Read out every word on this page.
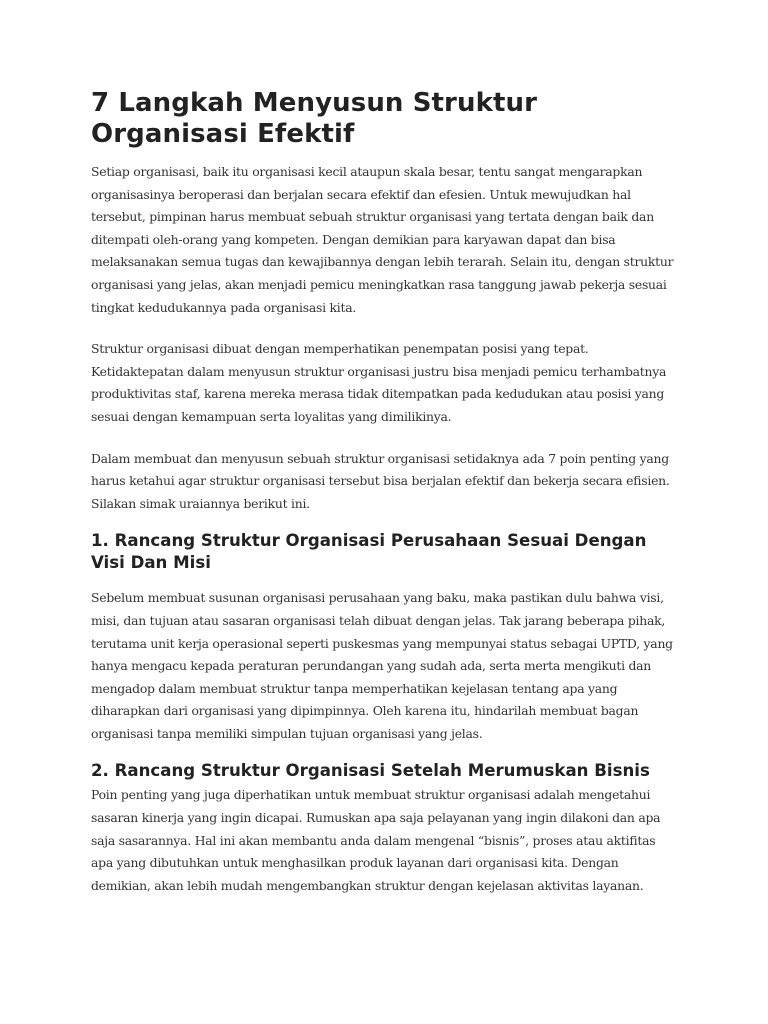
7 Langkah Menyusun Struktur Organisasi Efektif

Setiap organisasi, baik itu organisasi kecil ataupun skala besar, tentu sangat mengarapkan organisasinya beroperasi dan berjalan secara efektif dan efesien. Untuk mewujudkan hal tersebut, pimpinan harus membuat sebuah struktur organisasi yang tertata dengan baik dan ditempati oleh-orang yang kompeten. Dengan demikian para karyawan dapat dan bisa melaksanakan semua tugas dan kewajibannya dengan lebih terarah. Selain itu, dengan struktur organisasi yang jelas, akan menjadi pemicu meningkatkan rasa tanggung jawab pekerja sesuai tingkat kedudukannya pada organisasi kita.

Struktur organisasi dibuat dengan memperhatikan penempatan posisi yang tepat. Ketidaktepatan dalam menyusun struktur organisasi justru bisa menjadi pemicu terhambatnya produktivitas staf, karena mereka merasa tidak ditempatkan pada kedudukan atau posisi yang sesuai dengan kemampuan serta loyalitas yang dimilikinya.

Dalam membuat dan menyusun sebuah struktur organisasi setidaknya ada 7 poin penting yang harus ketahui agar struktur organisasi tersebut bisa berjalan efektif dan bekerja secara efisien. Silakan simak uraiannya berikut ini.

1. Rancang Struktur Organisasi Perusahaan Sesuai Dengan Visi Dan Misi

Sebelum membuat susunan organisasi perusahaan yang baku, maka pastikan dulu bahwa visi, misi, dan tujuan atau sasaran organisasi telah dibuat dengan jelas. Tak jarang beberapa pihak, terutama unit kerja operasional seperti puskesmas yang mempunyai status sebagai UPTD, yang hanya mengacu kepada peraturan perundangan yang sudah ada, serta merta mengikuti dan mengadop dalam membuat struktur tanpa memperhatikan kejelasan tentang apa yang diharapkan dari organisasi yang dipimpinnya. Oleh karena itu, hindarilah membuat bagan organisasi tanpa memiliki simpulan tujuan organisasi yang jelas.

2. Rancang Struktur Organisasi Setelah Merumuskan Bisnis

Poin penting yang juga diperhatikan untuk membuat struktur organisasi adalah mengetahui sasaran kinerja yang ingin dicapai. Rumuskan apa saja pelayanan yang ingin dilakoni dan apa saja sasarannya. Hal ini akan membantu anda dalam mengenal “bisnis”, proses atau aktifitas apa yang dibutuhkan untuk menghasilkan produk layanan dari organisasi kita. Dengan demikian, akan lebih mudah mengembangkan struktur dengan kejelasan aktivitas layanan.
